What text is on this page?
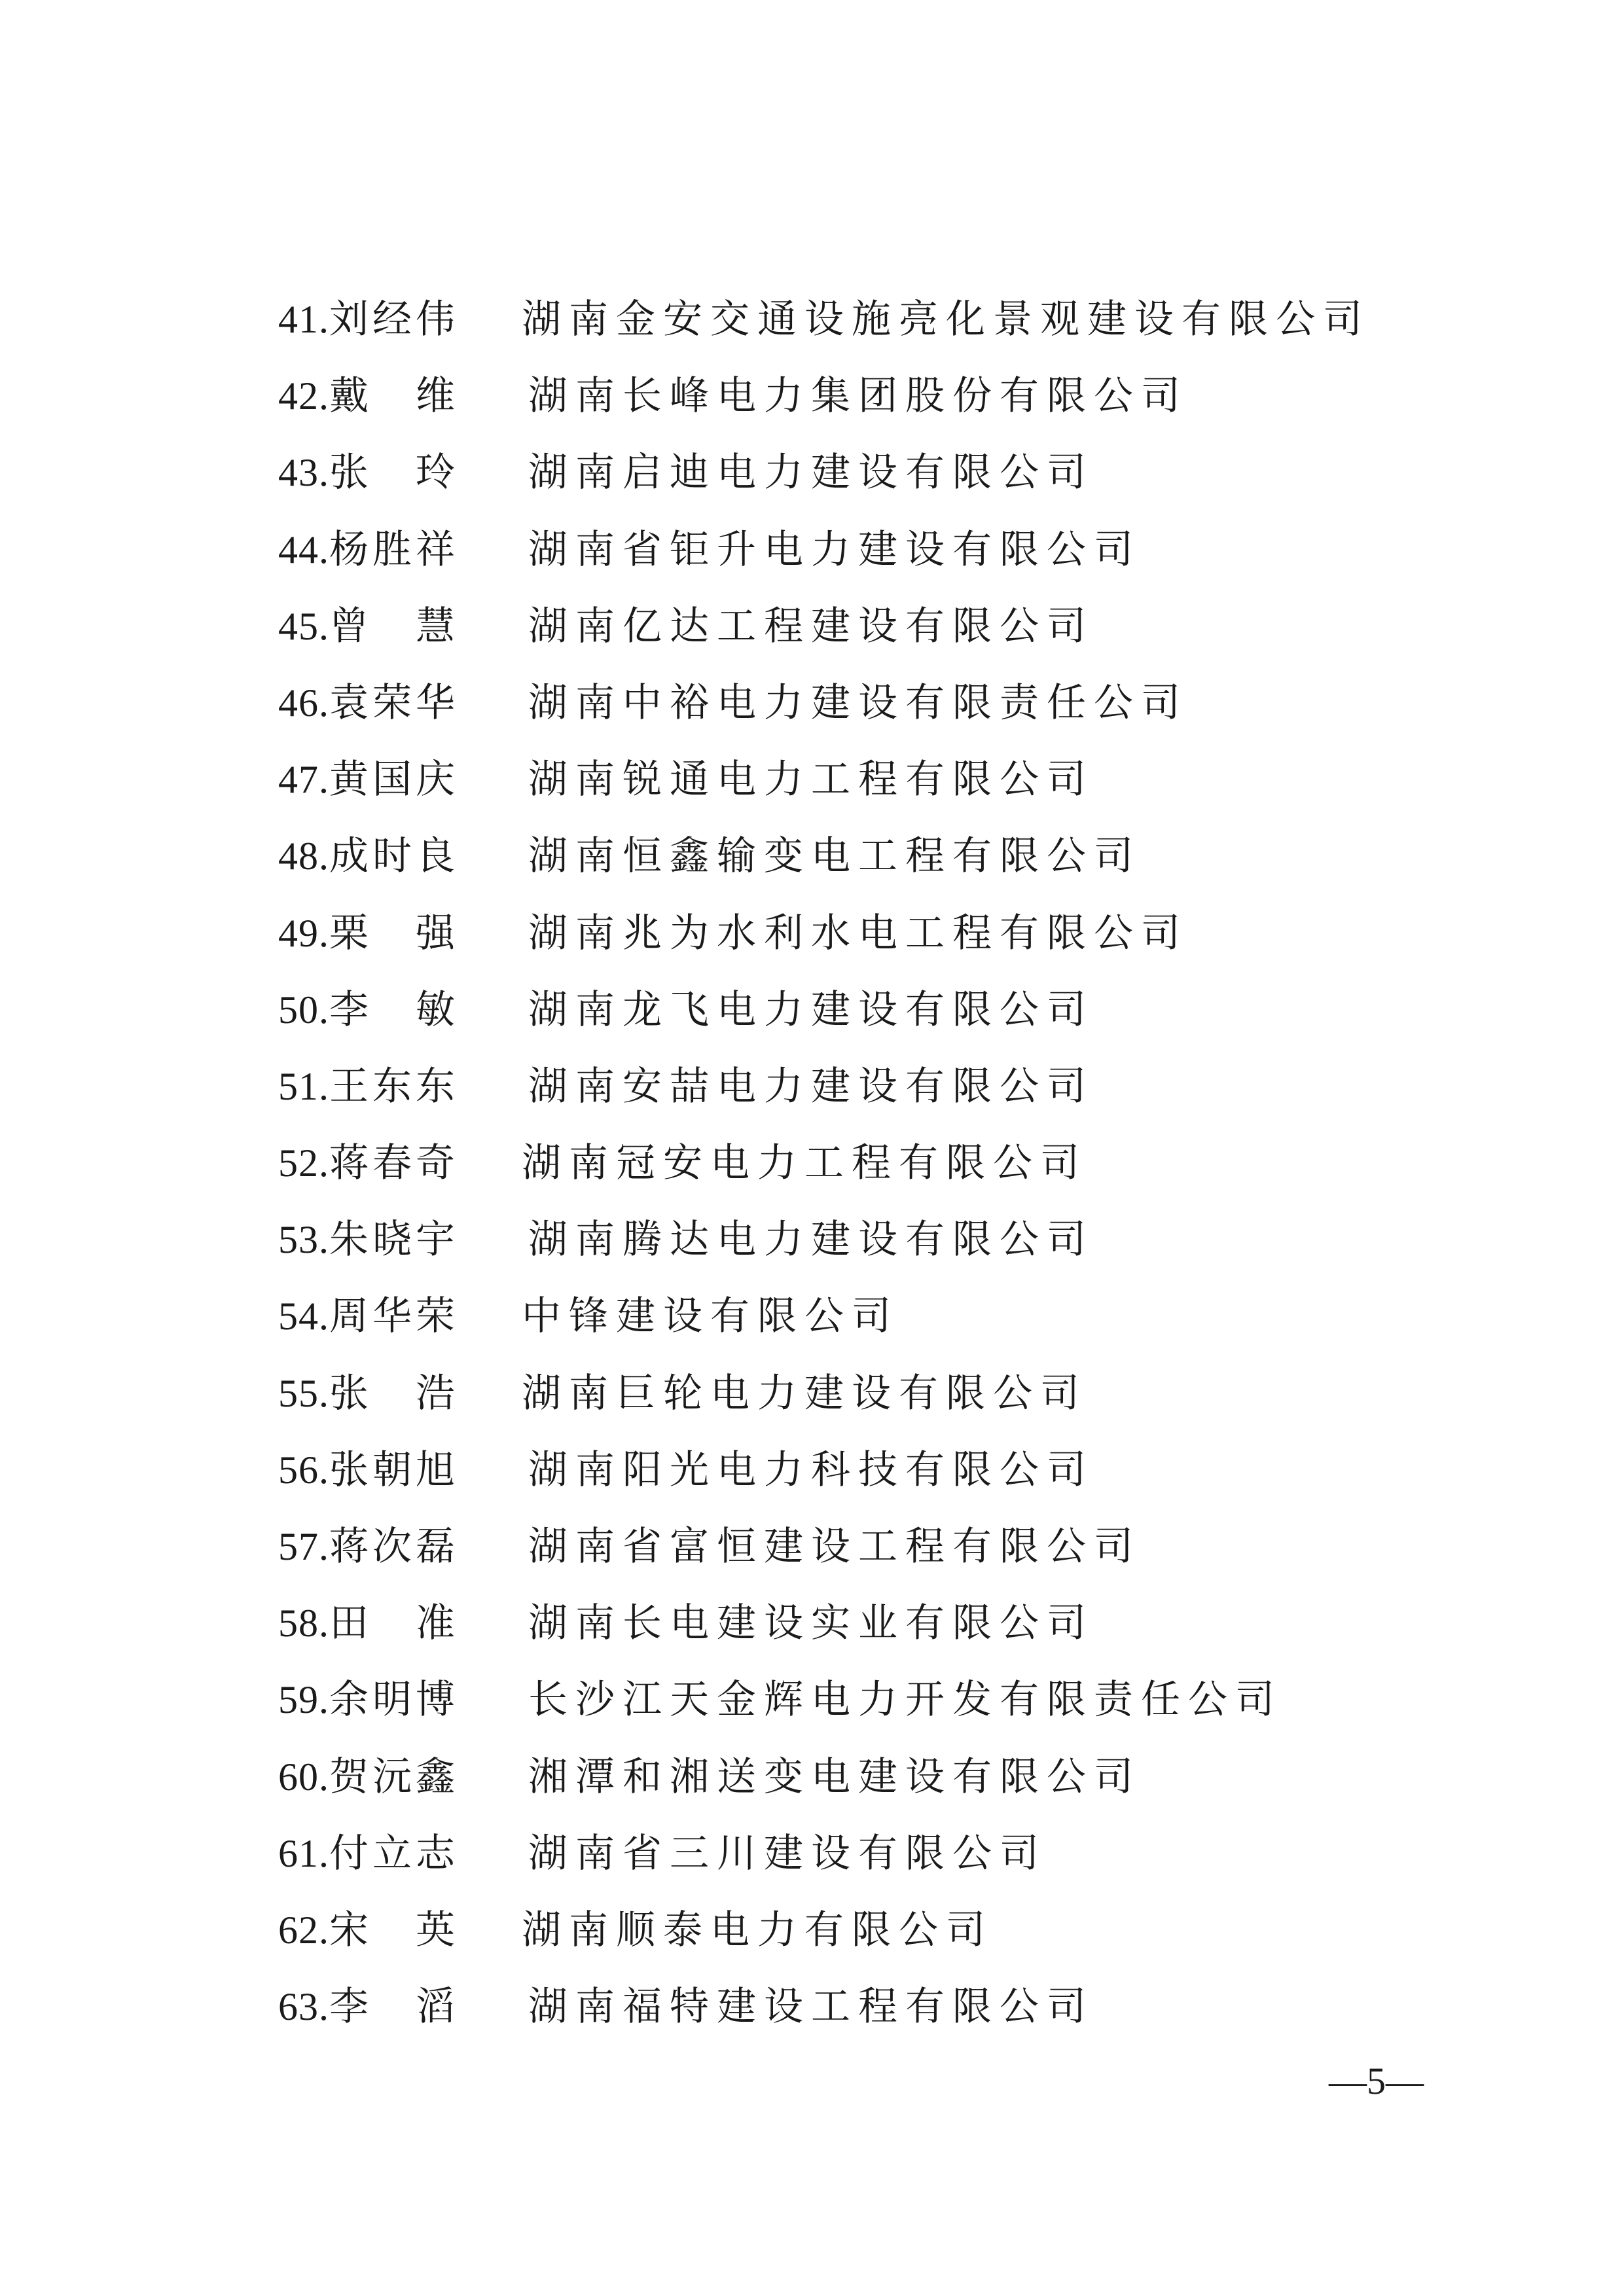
41.刘经伟 湖南金安交通设施亮化景观建设有限公司
42.戴　维 湖南长峰电力集团股份有限公司
43.张　玲 湖南启迪电力建设有限公司
44.杨胜祥 湖南省钜升电力建设有限公司
45.曾　慧 湖南亿达工程建设有限公司
46.袁荣华 湖南中裕电力建设有限责任公司
47.黄国庆 湖南锐通电力工程有限公司
48.成时良 湖南恒鑫输变电工程有限公司
49.栗　强 湖南兆为水利水电工程有限公司
50.李　敏 湖南龙飞电力建设有限公司
51.王东东 湖南安喆电力建设有限公司
52.蒋春奇 湖南冠安电力工程有限公司
53.朱晓宇 湖南腾达电力建设有限公司
54.周华荣 中锋建设有限公司
55.张　浩 湖南巨轮电力建设有限公司
56.张朝旭 湖南阳光电力科技有限公司
57.蒋次磊 湖南省富恒建设工程有限公司
58.田　准 湖南长电建设实业有限公司
59.余明博 长沙江天金辉电力开发有限责任公司
60.贺沅鑫 湘潭和湘送变电建设有限公司
61.付立志 湖南省三川建设有限公司
62.宋　英 湖南顺泰电力有限公司
63.李　滔 湖南福特建设工程有限公司
—5—
